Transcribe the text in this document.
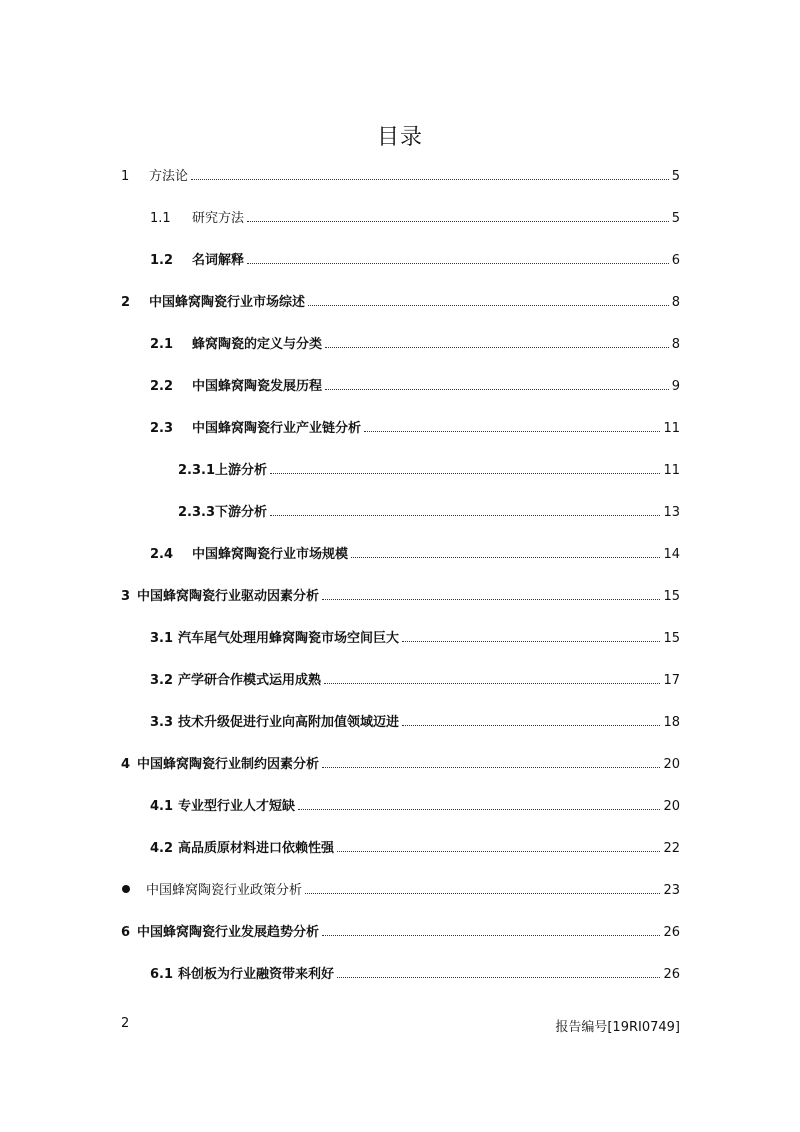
目录
1	方法论	5
1.1	研究方法	5
1.2	名词解释	6
2	中国蜂窝陶瓷行业市场综述	8
2.1	蜂窝陶瓷的定义与分类	8
2.2	中国蜂窝陶瓷发展历程	9
2.3	中国蜂窝陶瓷行业产业链分析	11
2.3.1 上游分析	11
2.3.3 下游分析	13
2.4	中国蜂窝陶瓷行业市场规模	14
3 中国蜂窝陶瓷行业驱动因素分析	15
3.1 汽车尾气处理用蜂窝陶瓷市场空间巨大	15
3.2 产学研合作模式运用成熟	17
3.3 技术升级促进行业向高附加值领域迈进	18
4 中国蜂窝陶瓷行业制约因素分析	20
4.1 专业型行业人才短缺	20
4.2 高品质原材料进口依赖性强	22
中国蜂窝陶瓷行业政策分析	23
6 中国蜂窝陶瓷行业发展趋势分析	26
6.1 科创板为行业融资带来利好	26
2	报告编号[19RI0749]
